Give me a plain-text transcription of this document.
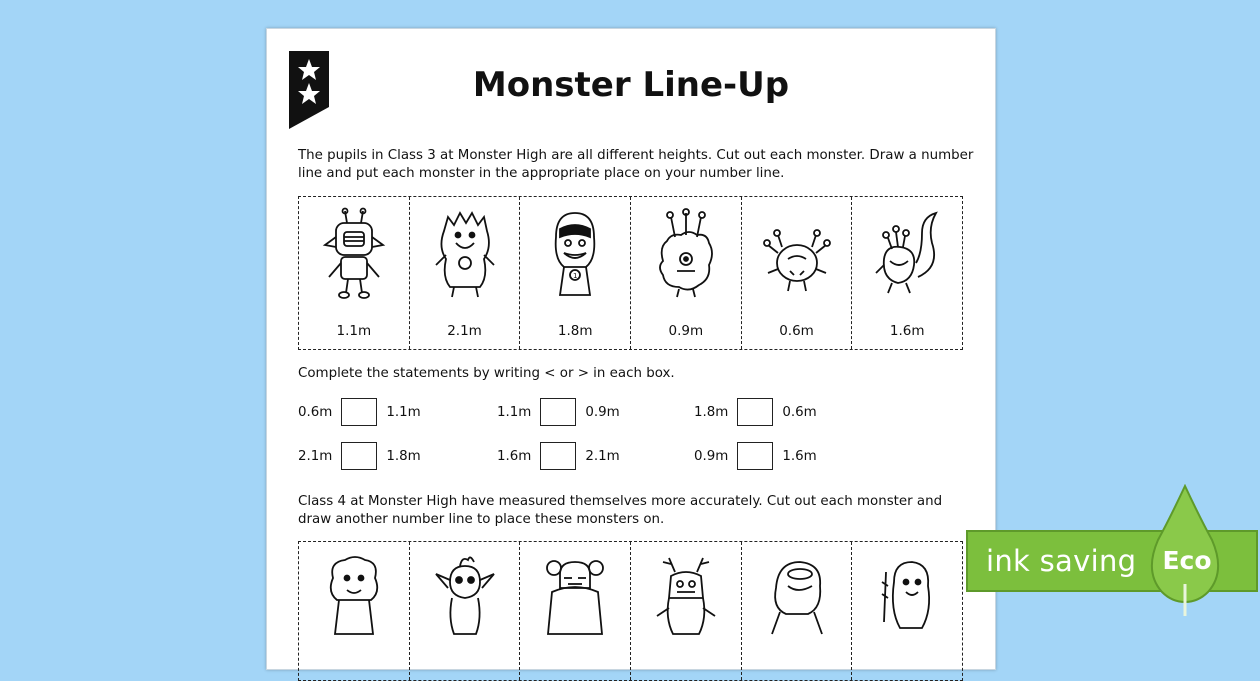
Monster Line-Up

The pupils in Class 3 at Monster High are all different heights. Cut out each monster. Draw a number line and put each monster in the appropriate place on your number line.

1.1m	2.1m
1
1.8m	0.9m	0.6m	1.6m
Complete the statements by writing < or > in each box.
0.6m	1.1m	1.1m	0.9m	1.8m	0.6m
2.1m	1.8m	1.6m	2.1m	0.9m	1.6m

Class 4 at Monster High have measured themselves more accurately. Cut out each monster and draw another number line to place these monsters on.

ink saving Eco
